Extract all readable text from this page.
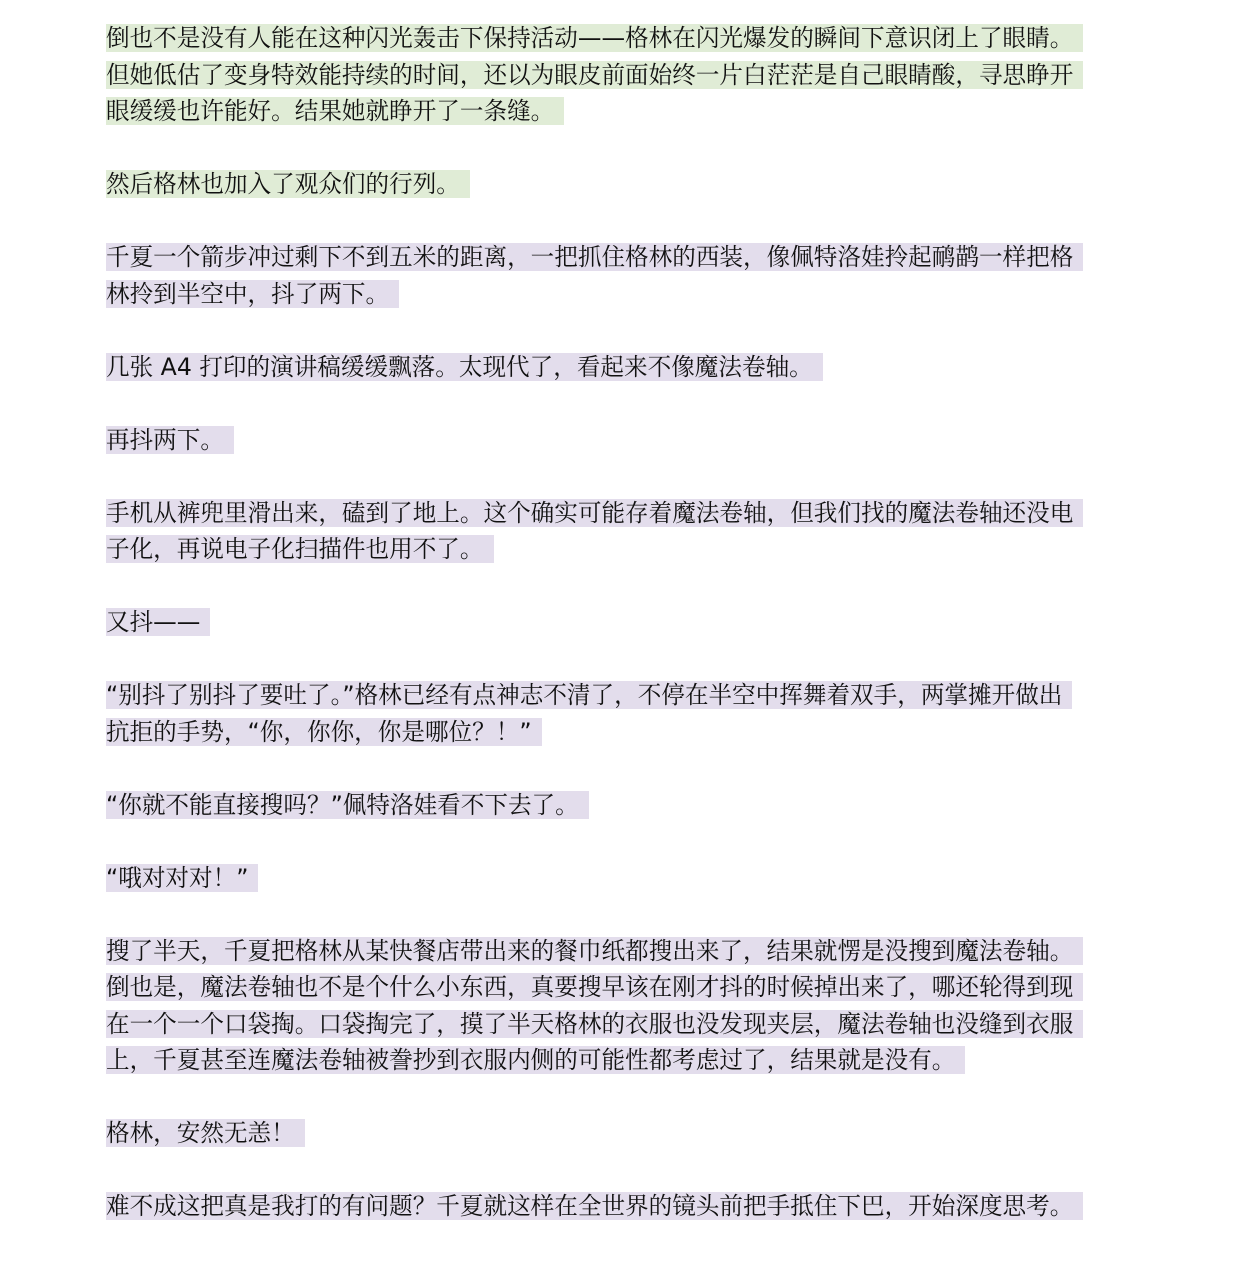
倒也不是没有人能在这种闪光轰击下保持活动——格林在闪光爆发的瞬间下意识闭上了眼睛。但她低估了变身特效能持续的时间，还以为眼皮前面始终一片白茫茫是自己眼睛酸，寻思睁开眼缓缓也许能好。结果她就睁开了一条缝。

然后格林也加入了观众们的行列。

千夏一个箭步冲过剩下不到五米的距离，一把抓住格林的西装，像佩特洛娃拎起鸸鹋一样把格林拎到半空中，抖了两下。

几张 A4 打印的演讲稿缓缓飘落。太现代了，看起来不像魔法卷轴。

再抖两下。

手机从裤兜里滑出来，磕到了地上。这个确实可能存着魔法卷轴，但我们找的魔法卷轴还没电子化，再说电子化扫描件也用不了。

又抖——

“别抖了别抖了要吐了。”格林已经有点神志不清了，不停在半空中挥舞着双手，两掌摊开做出抗拒的手势，“你，你你，你是哪位？！”

“你就不能直接搜吗？”佩特洛娃看不下去了。

“哦对对对！”

搜了半天，千夏把格林从某快餐店带出来的餐巾纸都搜出来了，结果就愣是没搜到魔法卷轴。倒也是，魔法卷轴也不是个什么小东西，真要搜早该在刚才抖的时候掉出来了，哪还轮得到现在一个一个口袋掏。口袋掏完了，摸了半天格林的衣服也没发现夹层，魔法卷轴也没缝到衣服上，千夏甚至连魔法卷轴被誊抄到衣服内侧的可能性都考虑过了，结果就是没有。

格林，安然无恙！

难不成这把真是我打的有问题？千夏就这样在全世界的镜头前把手抵住下巴，开始深度思考。
